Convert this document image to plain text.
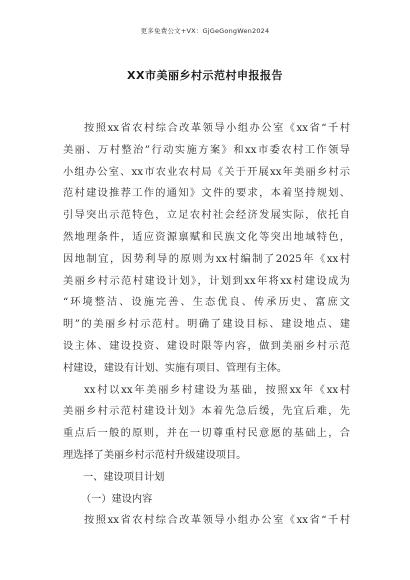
更多免费公文+VX：GjGeGongWen2024
XX市美丽乡村示范村申报报告
按照xx省农村综合改革领导小组办公室《xx省“千村
美丽、万村整治”行动实施方案》和xx市委农村工作领导
小组办公室、xx市农业农村局《关于开展xx年美丽乡村示
范村建设推荐工作的通知》文件的要求，本着坚持规划、
引导突出示范特色，立足农村社会经济发展实际，依托自
然地理条件，适应资源禀赋和民族文化等突出地域特色，
因地制宜，因势利导的原则为xx村编制了2025年《xx村
美丽乡村示范村建设计划》，计划到xx年将xx村建设成为
“环境整洁、设施完善、生态优良、传承历史、富庶文
明”的美丽乡村示范村。明确了建设目标、建设地点、建
设主体、建设投资、建设时限等内容，做到美丽乡村示范
村建设，建设有计划、实施有项目、管理有主体。
xx村以xx年美丽乡村建设为基础，按照xx年《xx村
美丽乡村示范村建设计划》本着先急后缓，先宜后难，先
重点后一般的原则，并在一切尊重村民意愿的基础上，合
理选择了美丽乡村示范村升级建设项目。
一、建设项目计划
（一）建设内容
按照xx省农村综合改革领导小组办公室《xx省“千村
